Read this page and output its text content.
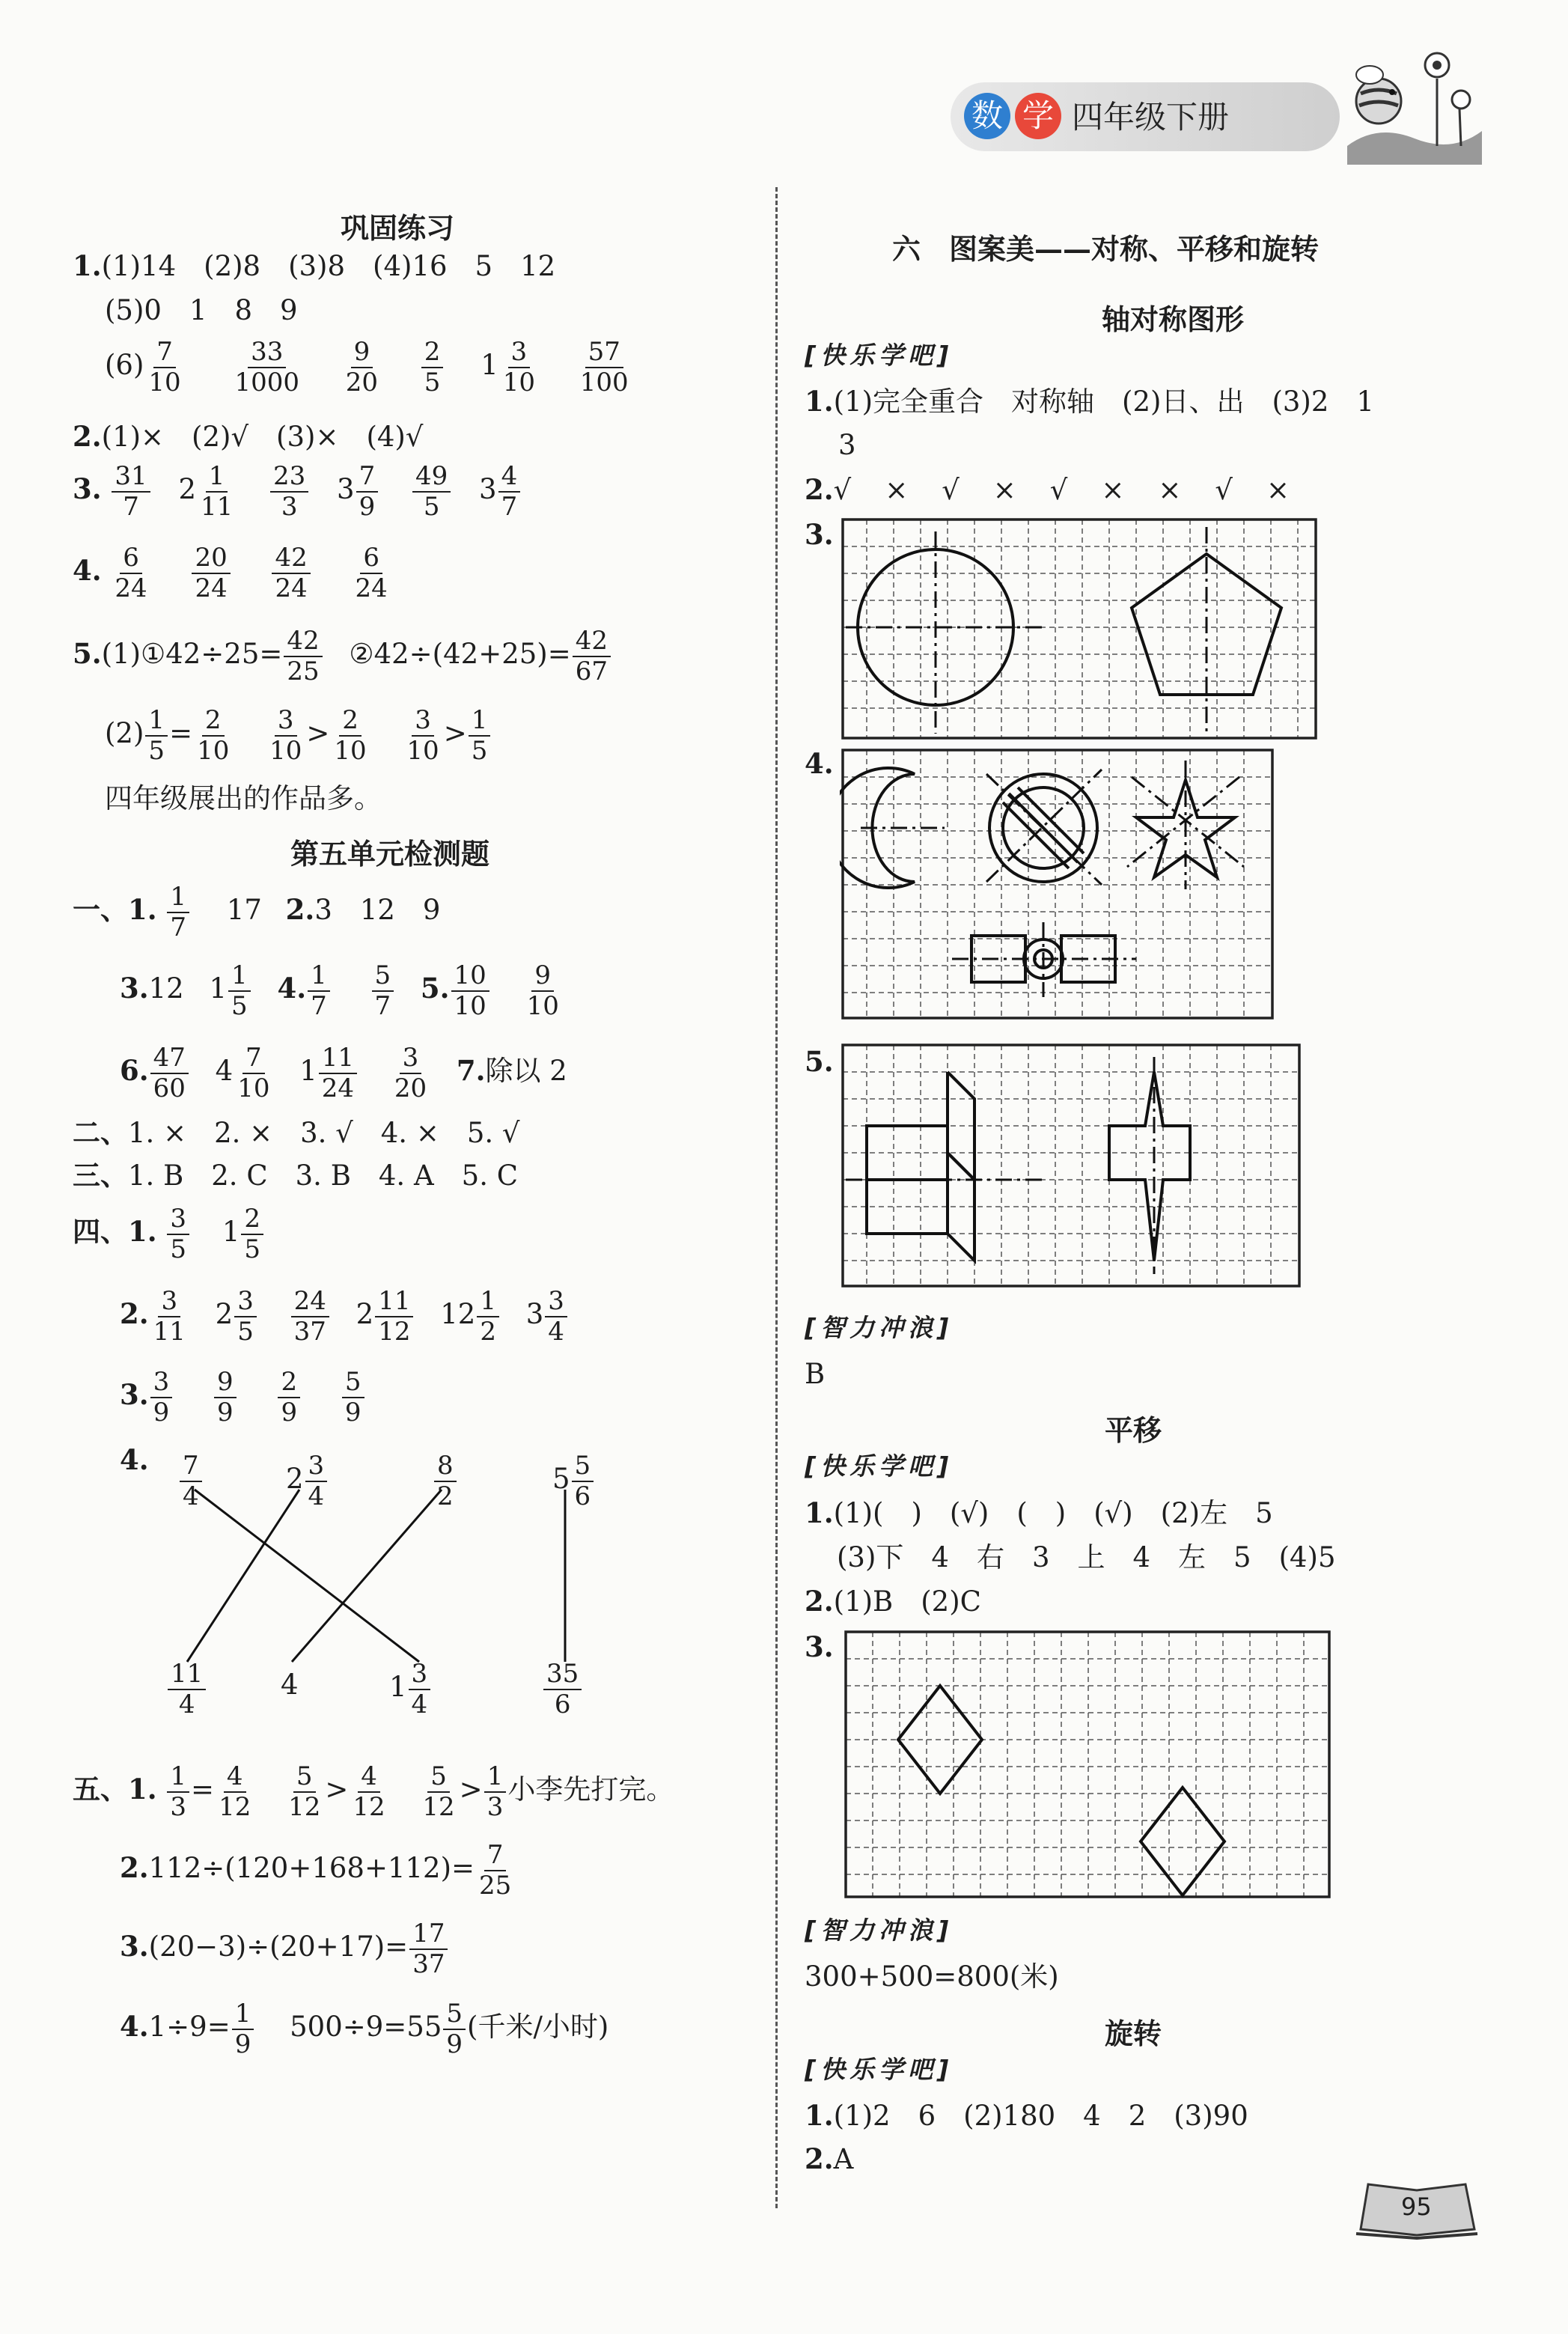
数 学 四年级下册
巩固练习
1.(1)14　(2)8　(3)8　(4)16　5　12
(5)0　1　8　9
$(6) \frac{7}{10}$
$\frac{33}{1000}$
$\frac{9}{20}$
$\frac{2}{5} 1 \frac{3}{10}$
$\frac{57}{100}$
2.(1)×　(2)√　(3)×　(4)√
3. $\frac{31}{7} 2 \frac{1}{11}$
$\frac{23}{3} 3 \frac{7}{9}$
$\frac{49}{5} 3 \frac{4}{7}$
4. $\frac{6}{24}$
$\frac{20}{24}$
$\frac{42}{24}$
$\frac{6}{24}$
5.(1)①42÷25= $\frac{42}{25}$ ②42÷(42+25)= $\frac{42}{67}$
$(2) \frac{1}{5} = \frac{2}{10}$
$\frac{3}{10} > \frac{2}{10}$
$\frac{3}{10} > \frac{1}{5}$
四年级展出的作品多。
第五单元检测题
一、1. $\frac{1}{7} 17$ 2.3　12　9
3.12 $1 \frac{1}{5} 4$. $\frac{1}{7}$
$\frac{5}{7} 5$. $\frac{10}{10}$
$\frac{9}{10}$
6. $\frac{47}{60} 4 \frac{7}{10} 1 \frac{11}{24}$
$\frac{3}{20} 7$.除以 2
二、1. ×　2. ×　3. √　4. ×　5. √
三、1. B　2. C　3. B　4. A　5. C
四、1. $\frac{3}{5} 1 \frac{2}{5}$
2. $\frac{3}{11} 2 \frac{3}{5}$
$\frac{24}{37} 2 \frac{11}{12} 12 \frac{1}{2} 3 \frac{3}{4}$
3. $\frac{3}{9}$
$\frac{9}{9}$
$\frac{2}{9}$
$\frac{5}{9}$
4. $\frac{7}{4}$	$2 \frac{3}{4}$	$\frac{8}{2}$	$5 \frac{5}{6}$
$\frac{11}{4}$	4	$1 \frac{3}{4}$	$\frac{35}{6}$
五、1. $\frac{1}{3} = \frac{4}{12}$
$\frac{5}{12} > \frac{4}{12}$
$\frac{5}{12} > \frac{1}{3}$ 小李先打完。
$2.112\div(120+168+112)= \frac{7}{25}$
$3.(20-3)\div(20+17)= \frac{17}{37}$
$4.1\div 9= \frac{1}{9} 500\div 9=55 \frac{5}{9}$ (千米/小时)
六　图案美——对称、平移和旋转
轴对称图形
[快乐学吧]
1.(1)完全重合　对称轴　(2)日、出　(3)2　1
3
2.√　×　√　×　√　×　×　√　×
3.
4.
5.
[智力冲浪]
B
平移
[快乐学吧]
1.(1)(　)　(√)　(　)　(√)　(2)左　5
(3)下　4　右　3　上　4　左　5　(4)5
2.(1)B　(2)C
3.
[智力冲浪]
300+500=800(米)
旋转
[快乐学吧]
1.(1)2　6　(2)180　4　2　(3)90
2.A
95
